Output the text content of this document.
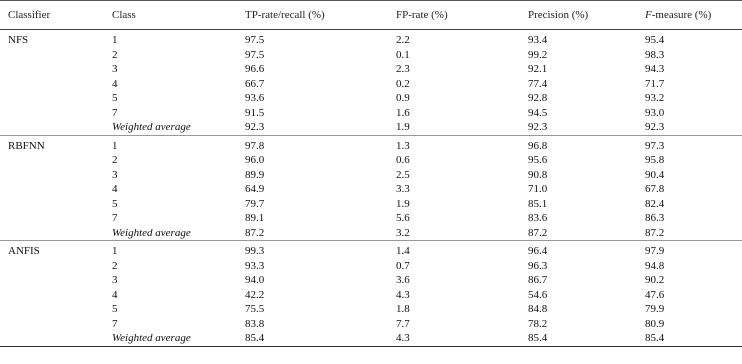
Classifier	Class	TP-rate/recall (%)	FP-rate (%)	Precision (%)	F-measure (%)
NFS	1	97.5	2.2	93.4	95.4
	2	97.5	0.1	99.2	98.3
	3	96.6	2.3	92.1	94.3
	4	66.7	0.2	77.4	71.7
	5	93.6	0.9	92.8	93.2
	7	91.5	1.6	94.5	93.0
	Weighted average	92.3	1.9	92.3	92.3
RBFNN	1	97.8	1.3	96.8	97.3
	2	96.0	0.6	95.6	95.8
	3	89.9	2.5	90.8	90.4
	4	64.9	3.3	71.0	67.8
	5	79.7	1.9	85.1	82.4
	7	89.1	5.6	83.6	86.3
	Weighted average	87.2	3.2	87.2	87.2
ANFIS	1	99.3	1.4	96.4	97.9
	2	93.3	0.7	96.3	94.8
	3	94.0	3.6	86.7	90.2
	4	42.2	4.3	54.6	47.6
	5	75.5	1.8	84.8	79.9
	7	83.8	7.7	78.2	80.9
	Weighted average	85.4	4.3	85.4	85.4
